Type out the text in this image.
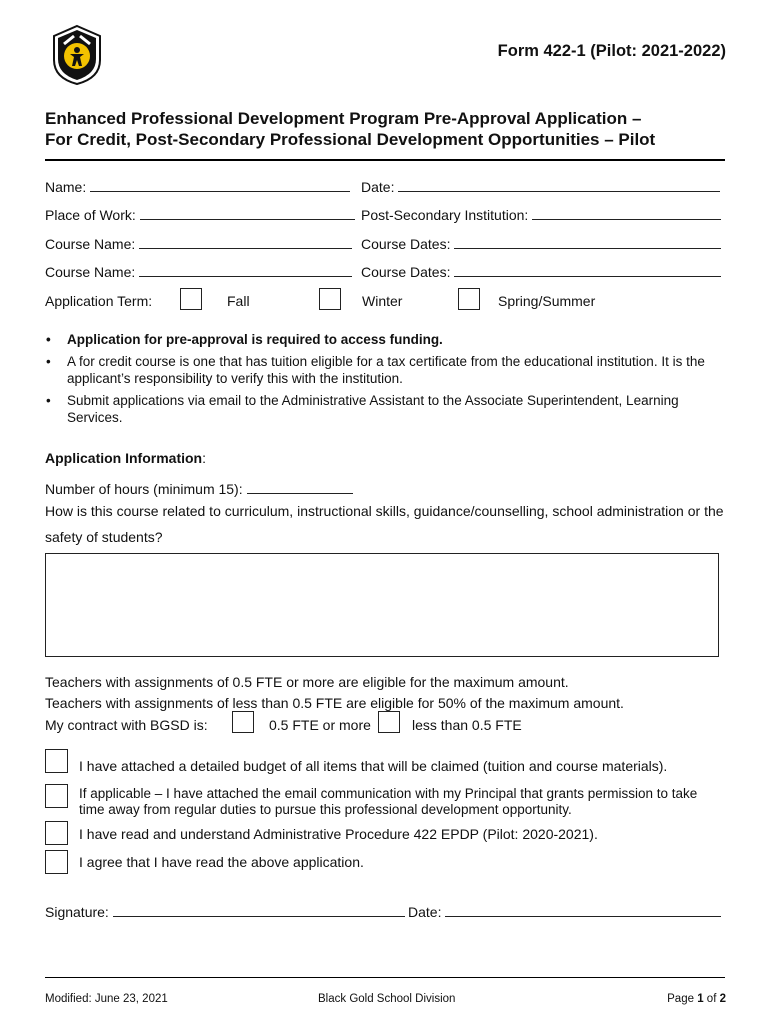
Form 422-1 (Pilot: 2021-2022)
Enhanced Professional Development Program Pre-Approval Application –
For Credit, Post-Secondary Professional Development Opportunities – Pilot
Name:	Date:
Place of Work:	Post-Secondary Institution:
Course Name:	Course Dates:
Course Name:	Course Dates:
Application Term:	Fall	Winter	Spring/Summer
• Application for pre-approval is required to access funding.
• A for credit course is one that has tuition eligible for a tax certificate from the educational institution. It is the applicant’s responsibility to verify this with the institution.
• Submit applications via email to the Administrative Assistant to the Associate Superintendent, Learning Services.
Application Information:
Number of hours (minimum 15):
How is this course related to curriculum, instructional skills, guidance/counselling, school administration or the
safety of students?
Teachers with assignments of 0.5 FTE or more are eligible for the maximum amount.
Teachers with assignments of less than 0.5 FTE are eligible for 50% of the maximum amount.
My contract with BGSD is:	0.5 FTE or more	less than 0.5 FTE
I have attached a detailed budget of all items that will be claimed (tuition and course materials).
If applicable – I have attached the email communication with my Principal that grants permission to take time away from regular duties to pursue this professional development opportunity.
I have read and understand Administrative Procedure 422 EPDP (Pilot: 2020-2021).
I agree that I have read the above application.
Signature:	Date:
Modified: June 23, 2021	Black Gold School Division	Page 1 of 2
